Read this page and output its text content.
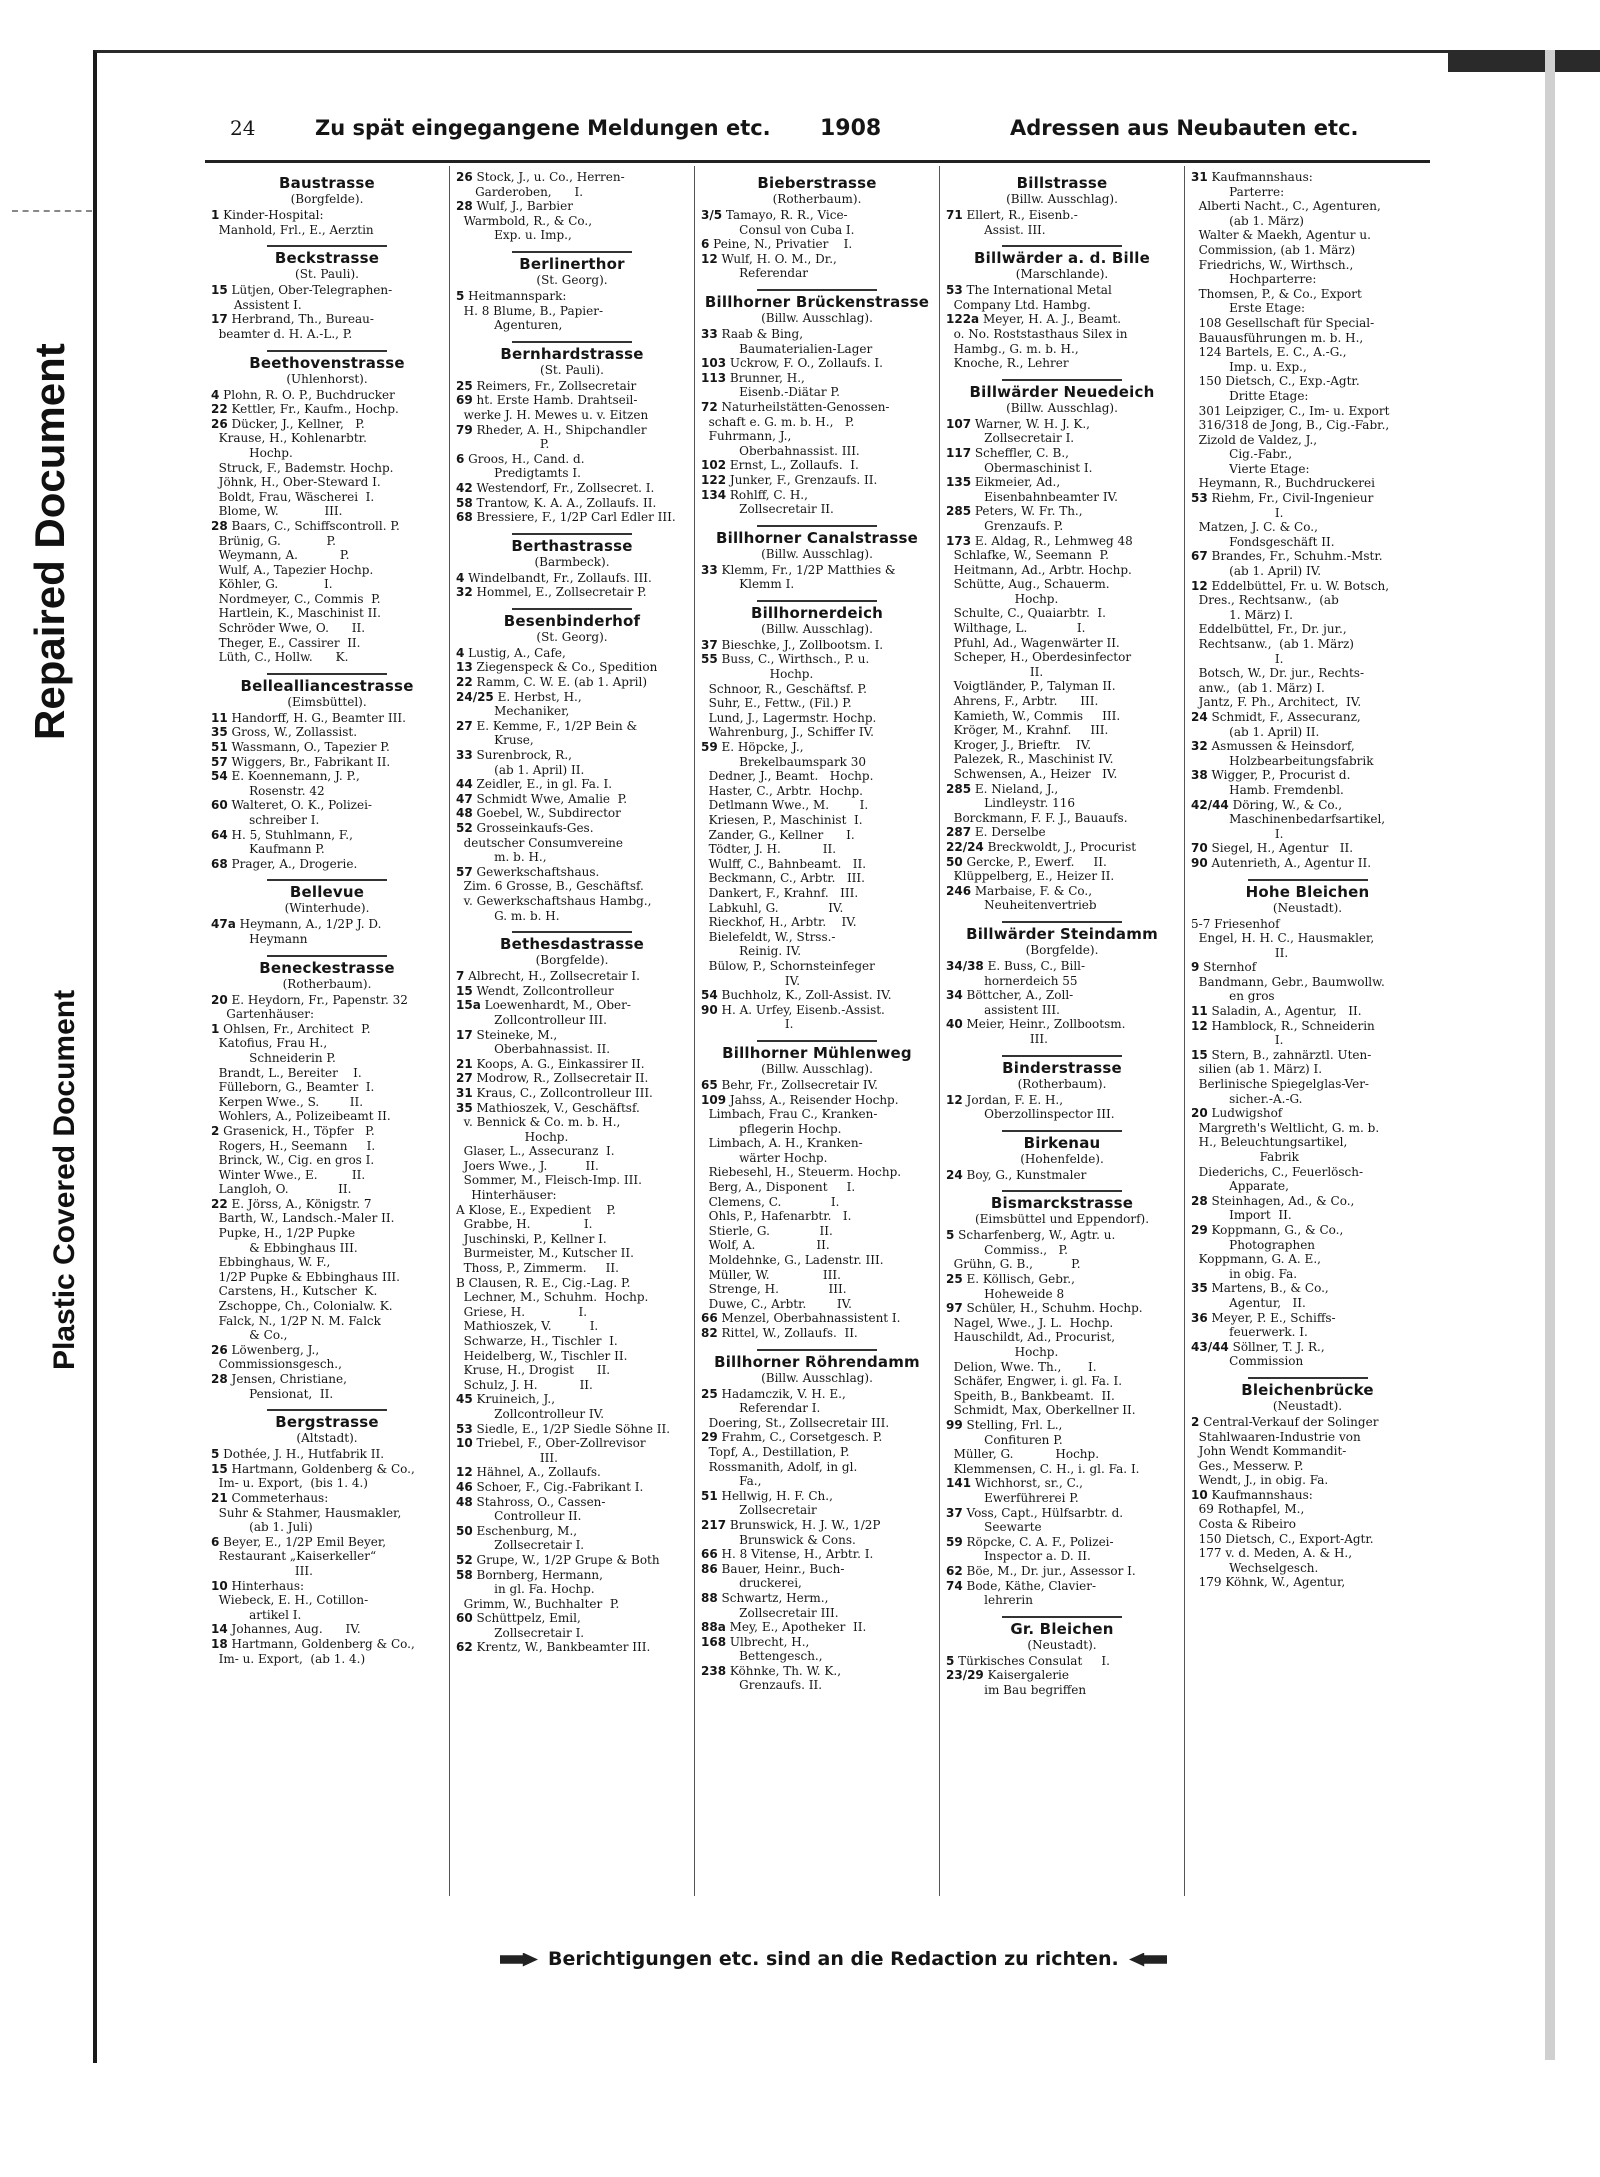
Repaired Document
Plastic Covered Document
24	Zu spät eingegangene Meldungen etc. 1908	Adressen aus Neubauten etc.
Baustrasse
(Borgfelde).
1 Kinder-Hospital:
Manhold, Frl., E., Aerztin
Beckstrasse
(St. Pauli).
15 Lütjen, Ober-Telegraphen-
Assistent I.
17 Herbrand, Th., Bureau-
beamter d. H. A.-L., P.
Beethovenstrasse
(Uhlenhorst).
4 Plohn, R. O. P., Buchdrucker
22 Kettler, Fr., Kaufm., Hochp.
26 Dücker, J., Kellner,   P.
Krause, H., Kohlenarbtr.
Hochp.
Struck, F., Bademstr. Hochp.
Jöhnk, H., Ober-Steward I.
Boldt, Frau, Wäscherei  I.
Blome, W.            III.
28 Baars, C., Schiffscontroll. P.
Brünig, G.            P.
Weymann, A.           P.
Wulf, A., Tapezier Hochp.
Köhler, G.            I.
Nordmeyer, C., Commis  P.
Hartlein, K., Maschinist II.
Schröder Wwe, O.      II.
Theger, E., Cassirer  II.
Lüth, C., Hollw.      K.
Bellealliancestrasse
(Eimsbüttel).
11 Handorff, H. G., Beamter III.
35 Gross, W., Zollassist.
51 Wassmann, O., Tapezier P.
57 Wiggers, Br., Fabrikant II.
54 E. Koennemann, J. P.,
Rosenstr. 42
60 Walteret, O. K., Polizei-
schreiber I.
64 H. 5, Stuhlmann, F.,
Kaufmann P.
68 Prager, A., Drogerie.
Bellevue
(Winterhude).
47a Heymann, A., 1/2P J. D.
Heymann
Beneckestrasse
(Rotherbaum).
20 E. Heydorn, Fr., Papenstr. 32
Gartenhäuser:
1 Ohlsen, Fr., Architect  P.
Katofius, Frau H.,
Schneiderin P.
Brandt, L., Bereiter    I.
Fülleborn, G., Beamter  I.
Kerpen Wwe., S.        II.
Wohlers, A., Polizeibeamt II.
2 Grasenick, H., Töpfer   P.
Rogers, H., Seemann     I.
Brinck, W., Cig. en gros I.
Winter Wwe., E.         II.
Langloh, O.             II.
22 E. Jörss, A., Königstr. 7
Barth, W., Landsch.-Maler II.
Pupke, H., 1/2P Pupke
& Ebbinghaus III.
Ebbinghaus, W. F.,
1/2P Pupke & Ebbinghaus III.
Carstens, H., Kutscher  K.
Zschoppe, Ch., Colonialw. K.
Falck, N., 1/2P N. M. Falck
& Co.,
26 Löwenberg, J.,
Commissionsgesch.,
28 Jensen, Christiane,
Pensionat,  II.
Bergstrasse
(Altstadt).
5 Dothée, J. H., Hutfabrik II.
15 Hartmann, Goldenberg & Co.,
Im- u. Export,  (bis 1. 4.)
21 Commeterhaus:
Suhr & Stahmer, Hausmakler,
(ab 1. Juli)
6 Beyer, E., 1/2P Emil Beyer,
Restaurant „Kaiserkeller“
III.
10 Hinterhaus:
Wiebeck, E. H., Cotillon-
artikel I.
14 Johannes, Aug.      IV.
18 Hartmann, Goldenberg & Co.,
Im- u. Export,  (ab 1. 4.)
26 Stock, J., u. Co., Herren-
Garderoben,      I.
28 Wulf, J., Barbier
Warmbold, R., & Co.,
Exp. u. Imp.,
Berlinerthor
(St. Georg).
5 Heitmannspark:
H. 8 Blume, B., Papier-
Agenturen,
Bernhardstrasse
(St. Pauli).
25 Reimers, Fr., Zollsecretair
69 ht. Erste Hamb. Drahtseil-
werke J. H. Mewes u. v. Eitzen
79 Rheder, A. H., Shipchandler
P.
6 Groos, H., Cand. d.
Predigtamts I.
42 Westendorf, Fr., Zollsecret. I.
58 Trantow, K. A. A., Zollaufs. II.
68 Bressiere, F., 1/2P Carl Edler III.
Berthastrasse
(Barmbeck).
4 Windelbandt, Fr., Zollaufs. III.
32 Hommel, E., Zollsecretair P.
Besenbinderhof
(St. Georg).
4 Lustig, A., Cafe,
13 Ziegenspeck & Co., Spedition
22 Ramm, C. W. E. (ab 1. April)
24/25 E. Herbst, H.,
Mechaniker,
27 E. Kemme, F., 1/2P Bein &
Kruse,
33 Surenbrock, R.,
(ab 1. April) II.
44 Zeidler, E., in gl. Fa. I.
47 Schmidt Wwe, Amalie  P.
48 Goebel, W., Subdirector
52 Grosseinkaufs-Ges.
deutscher Consumvereine
m. b. H.,
57 Gewerkschaftshaus.
Zim. 6 Grosse, B., Geschäftsf.
v. Gewerkschaftshaus Hambg.,
G. m. b. H.
Bethesdastrasse
(Borgfelde).
7 Albrecht, H., Zollsecretair I.
15 Wendt, Zollcontrolleur
15a Loewenhardt, M., Ober-
Zollcontrolleur III.
17 Steineke, M.,
Oberbahnassist. II.
21 Koops, A. G., Einkassirer II.
27 Modrow, R., Zollsecretair II.
31 Kraus, C., Zollcontrolleur III.
35 Mathioszek, V., Geschäftsf.
v. Bennick & Co. m. b. H.,
Hochp.
Glaser, L., Assecuranz  I.
Joers Wwe., J.          II.
Sommer, M., Fleisch-Imp. III.
Hinterhäuser:
A Klose, E., Expedient    P.
Grabbe, H.              I.
Juschinski, P., Kellner I.
Burmeister, M., Kutscher II.
Thoss, P., Zimmerm.     II.
B Clausen, R. E., Cig.-Lag. P.
Lechner, M., Schuhm.  Hochp.
Griese, H.              I.
Mathioszek, V.          I.
Schwarze, H., Tischler  I.
Heidelberg, W., Tischler II.
Kruse, H., Drogist      II.
Schulz, J. H.           II.
45 Kruineich, J.,
Zollcontrolleur IV.
53 Siedle, E., 1/2P Siedle Söhne II.
10 Triebel, F., Ober-Zollrevisor
III.
12 Hähnel, A., Zollaufs.
46 Schoer, F., Cig.-Fabrikant I.
48 Stahross, O., Cassen-
Controlleur II.
50 Eschenburg, M.,
Zollsecretair I.
52 Grupe, W., 1/2P Grupe & Both
58 Bornberg, Hermann,
in gl. Fa. Hochp.
Grimm, W., Buchhalter  P.
60 Schüttpelz, Emil,
Zollsecretair I.
62 Krentz, W., Bankbeamter III.
Bieberstrasse
(Rotherbaum).
3/5 Tamayo, R. R., Vice-
Consul von Cuba I.
6 Peine, N., Privatier    I.
12 Wulf, H. O. M., Dr.,
Referendar
Billhorner Brückenstrasse
(Billw. Ausschlag).
33 Raab & Bing,
Baumaterialien-Lager
103 Uckrow, F. O., Zollaufs. I.
113 Brunner, H.,
Eisenb.-Diätar P.
72 Naturheilstätten-Genossen-
schaft e. G. m. b. H.,   P.
Fuhrmann, J.,
Oberbahnassist. III.
102 Ernst, L., Zollaufs.  I.
122 Junker, F., Grenzaufs. II.
134 Rohlff, C. H.,
Zollsecretair II.
Billhorner Canalstrasse
(Billw. Ausschlag).
33 Klemm, Fr., 1/2P Matthies &
Klemm I.
Billhornerdeich
(Billw. Ausschlag).
37 Bieschke, J., Zollbootsm. I.
55 Buss, C., Wirthsch., P. u.
Hochp.
Schnoor, R., Geschäftsf. P.
Suhr, E., Fettw., (Fil.) P.
Lund, J., Lagermstr. Hochp.
Wahrenburg, J., Schiffer IV.
59 E. Höpcke, J.,
Brekelbaumspark 30
Dedner, J., Beamt.   Hochp.
Haster, C., Arbtr.  Hochp.
Detlmann Wwe., M.        I.
Kriesen, P., Maschinist  I.
Zander, G., Kellner      I.
Tödter, J. H.           II.
Wulff, C., Bahnbeamt.   II.
Beckmann, C., Arbtr.   III.
Dankert, F., Krahnf.   III.
Labkuhl, G.             IV.
Rieckhof, H., Arbtr.    IV.
Bielefeldt, W., Strss.-
Reinig. IV.
Bülow, P., Schornsteinfeger
IV.
54 Buchholz, K., Zoll-Assist. IV.
90 H. A. Urfey, Eisenb.-Assist.
I.
Billhorner Mühlenweg
(Billw. Ausschlag).
65 Behr, Fr., Zollsecretair IV.
109 Jahss, A., Reisender Hochp.
Limbach, Frau C., Kranken-
pflegerin Hochp.
Limbach, A. H., Kranken-
wärter Hochp.
Riebesehl, H., Steuerm. Hochp.
Berg, A., Disponent     I.
Clemens, C.             I.
Ohls, P., Hafenarbtr.   I.
Stierle, G.             II.
Wolf, A.                II.
Moldehnke, G., Ladenstr. III.
Müller, W.              III.
Strenge, H.             III.
Duwe, C., Arbtr.        IV.
66 Menzel, Oberbahnassistent I.
82 Rittel, W., Zollaufs.  II.
Billhorner Röhrendamm
(Billw. Ausschlag).
25 Hadamczik, V. H. E.,
Referendar I.
Doering, St., Zollsecretair III.
29 Frahm, C., Corsetgesch. P.
Topf, A., Destillation, P.
Rossmanith, Adolf, in gl.
Fa.,
51 Hellwig, H. F. Ch.,
Zollsecretair
217 Brunswick, H. J. W., 1/2P
Brunswick & Cons.
66 H. 8 Vitense, H., Arbtr. I.
86 Bauer, Heinr., Buch-
druckerei,
88 Schwartz, Herm.,
Zollsecretair III.
88a Mey, E., Apotheker  II.
168 Ulbrecht, H.,
Bettengesch.,
238 Köhnke, Th. W. K.,
Grenzaufs. II.
Billstrasse
(Billw. Ausschlag).
71 Ellert, R., Eisenb.-
Assist. III.
Billwärder a. d. Bille
(Marschlande).
53 The International Metal
Company Ltd. Hambg.
122a Meyer, H. A. J., Beamt.
o. No. Roststasthaus Silex in
Hambg., G. m. b. H.,
Knoche, R., Lehrer
Billwärder Neuedeich
(Billw. Ausschlag).
107 Warner, W. H. J. K.,
Zollsecretair I.
117 Scheffler, C. B.,
Obermaschinist I.
135 Eikmeier, Ad.,
Eisenbahnbeamter IV.
285 Peters, W. Fr. Th.,
Grenzaufs. P.
173 E. Aldag, R., Lehmweg 48
Schlafke, W., Seemann  P.
Heitmann, Ad., Arbtr. Hochp.
Schütte, Aug., Schauerm.
Hochp.
Schulte, C., Quaiarbtr.  I.
Wilthage, L.             I.
Pfuhl, Ad., Wagenwärter II.
Scheper, H., Oberdesinfector
II.
Voigtländer, P., Talyman II.
Ahrens, F., Arbtr.      III.
Kamieth, W., Commis     III.
Kröger, M., Krahnf.     III.
Kroger, J., Brieftr.    IV.
Palezek, R., Maschinist IV.
Schwensen, A., Heizer   IV.
285 E. Nieland, J.,
Lindleystr. 116
Borckmann, F. F. J., Bauaufs.
287 E. Derselbe
22/24 Breckwoldt, J., Procurist
50 Gercke, P., Ewerf.     II.
Klüppelberg, E., Heizer II.
246 Marbaise, F. & Co.,
Neuheitenvertrieb
Billwärder Steindamm
(Borgfelde).
34/38 E. Buss, C., Bill-
hornerdeich 55
34 Böttcher, A., Zoll-
assistent III.
40 Meier, Heinr., Zollbootsm.
III.
Binderstrasse
(Rotherbaum).
12 Jordan, F. E. H.,
Oberzollinspector III.
Birkenau
(Hohenfelde).
24 Boy, G., Kunstmaler
Bismarckstrasse
(Eimsbüttel und Eppendorf).
5 Scharfenberg, W., Agtr. u.
Commiss.,   P.
Grühn, G. B.,          P.
25 E. Köllisch, Gebr.,
Hoheweide 8
97 Schüler, H., Schuhm. Hochp.
Nagel, Wwe., J. L.  Hochp.
Hauschildt, Ad., Procurist,
Hochp.
Delion, Wwe. Th.,       I.
Schäfer, Engwer, i. gl. Fa. I.
Speith, B., Bankbeamt.  II.
Schmidt, Max, Oberkellner II.
99 Stelling, Frl. L.,
Confituren P.
Müller, G.           Hochp.
Klemmensen, C. H., i. gl. Fa. I.
141 Wichhorst, sr., C.,
Ewerführerei P.
37 Voss, Capt., Hülfsarbtr. d.
Seewarte
59 Röpcke, C. A. F., Polizei-
Inspector a. D. II.
62 Böe, M., Dr. jur., Assessor I.
74 Bode, Käthe, Clavier-
lehrerin
Gr. Bleichen
(Neustadt).
5 Türkisches Consulat     I.
23/29 Kaisergalerie
im Bau begriffen
31 Kaufmannshaus:
Parterre:
Alberti Nacht., C., Agenturen,
(ab 1. März)
Walter & Maekh, Agentur u.
Commission, (ab 1. März)
Friedrichs, W., Wirthsch.,
Hochparterre:
Thomsen, P., & Co., Export
Erste Etage:
108 Gesellschaft für Special-
Bauausführungen m. b. H.,
124 Bartels, E. C., A.-G.,
Imp. u. Exp.,
150 Dietsch, C., Exp.-Agtr.
Dritte Etage:
301 Leipziger, C., Im- u. Export
316/318 de Jong, B., Cig.-Fabr.,
Zizold de Valdez, J.,
Cig.-Fabr.,
Vierte Etage:
Heymann, R., Buchdruckerei
53 Riehm, Fr., Civil-Ingenieur
I.
Matzen, J. C. & Co.,
Fondsgeschäft II.
67 Brandes, Fr., Schuhm.-Mstr.
(ab 1. April) IV.
12 Eddelbüttel, Fr. u. W. Botsch,
Dres., Rechtsanw.,  (ab
1. März) I.
Eddelbüttel, Fr., Dr. jur.,
Rechtsanw.,  (ab 1. März)
I.
Botsch, W., Dr. jur., Rechts-
anw.,  (ab 1. März) I.
Jantz, F. Ph., Architect,  IV.
24 Schmidt, F., Assecuranz,
(ab 1. April) II.
32 Asmussen & Heinsdorf,
Holzbearbeitungsfabrik
38 Wigger, P., Procurist d.
Hamb. Fremdenbl.
42/44 Döring, W., & Co.,
Maschinenbedarfsartikel,
I.
70 Siegel, H., Agentur   II.
90 Autenrieth, A., Agentur II.
Hohe Bleichen
(Neustadt).
5-7 Friesenhof
Engel, H. H. C., Hausmakler,
II.
9 Sternhof
Bandmann, Gebr., Baumwollw.
en gros
11 Saladin, A., Agentur,   II.
12 Hamblock, R., Schneiderin
I.
15 Stern, B., zahnärztl. Uten-
silien (ab 1. März) I.
Berlinische Spiegelglas-Ver-
sicher.-A.-G.
20 Ludwigshof
Margreth's Weltlicht, G. m. b.
H., Beleuchtungsartikel,
Fabrik
Diederichs, C., Feuerlösch-
Apparate,
28 Steinhagen, Ad., & Co.,
Import  II.
29 Koppmann, G., & Co.,
Photographen
Koppmann, G. A. E.,
in obig. Fa.
35 Martens, B., & Co.,
Agentur,   II.
36 Meyer, P. E., Schiffs-
feuerwerk. I.
43/44 Söllner, T. J. R.,
Commission
Bleichenbrücke
(Neustadt).
2 Central-Verkauf der Solinger
Stahlwaaren-Industrie von
John Wendt Kommandit-
Ges., Messerw. P.
Wendt, J., in obig. Fa.
10 Kaufmannshaus:
69 Rothapfel, M.,
Costa & Ribeiro
150 Dietsch, C., Export-Agtr.
177 v. d. Meden, A. & H.,
Wechselgesch.
179 Köhnk, W., Agentur,
Berichtigungen etc. sind an die Redaction zu richten.
